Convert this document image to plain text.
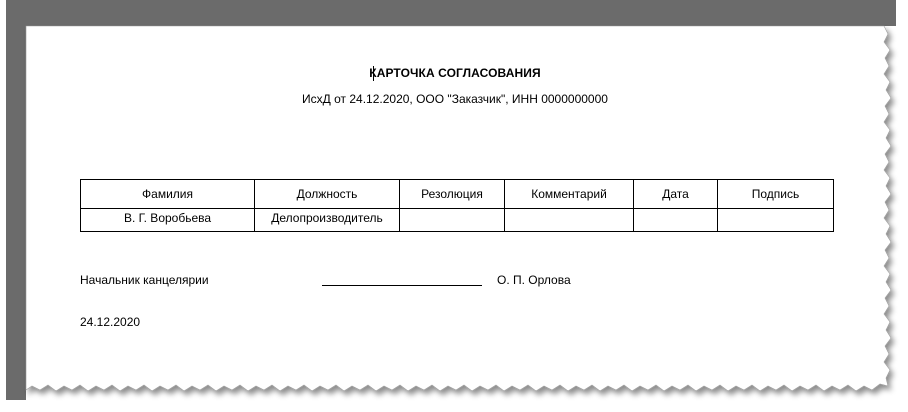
КАРТОЧКА СОГЛАСОВАНИЯ
ИсхД от 24.12.2020, ООО "Заказчик", ИНН 0000000000
Фамилия	Должность	Резолюция	Комментарий	Дата	Подпись
В. Г. Воробьева	Делопроизводитель				
Начальник канцелярии	О. П. Орлова
24.12.2020
